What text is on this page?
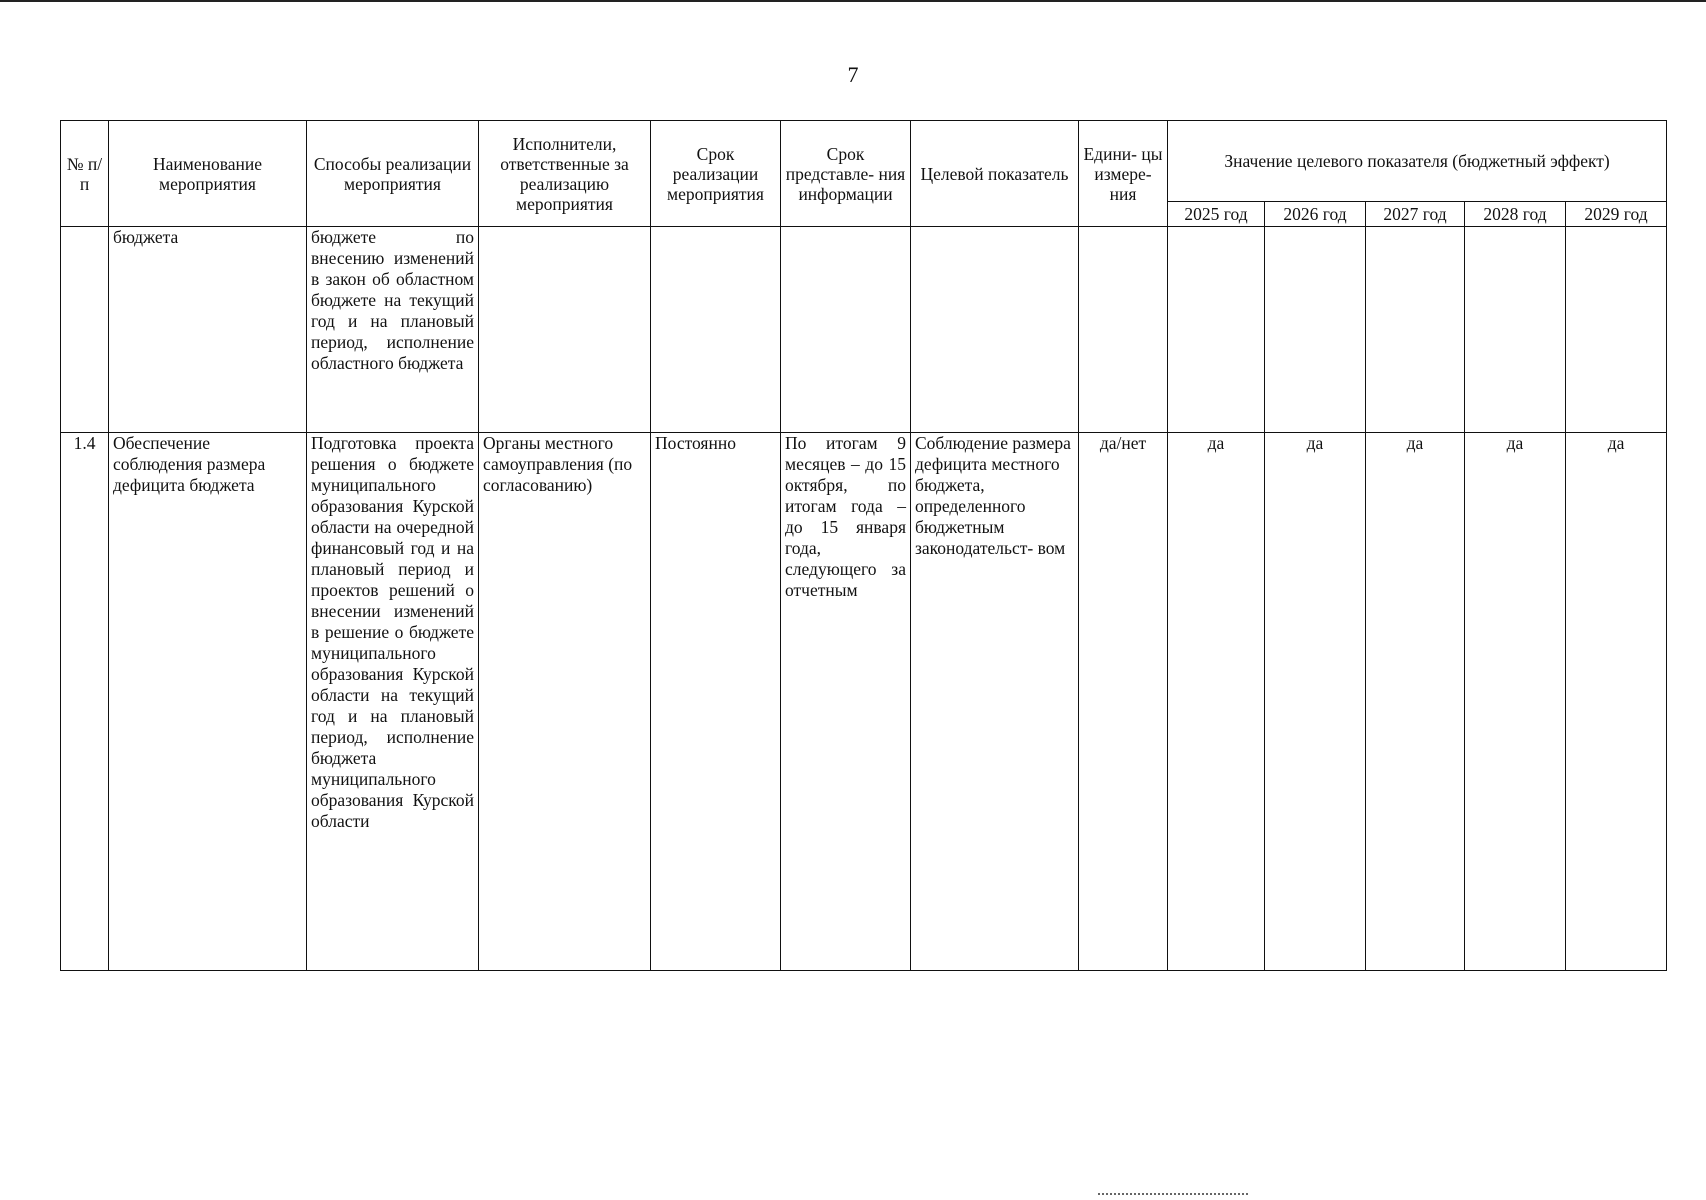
7
№ п/п	Наименование мероприятия	Способы реализации мероприятия	Исполнители, ответственные за реализацию мероприятия	Срок реализации мероприятия	Срок представле- ния информации	Целевой показатель	Едини- цы измере- ния	Значение целевого показателя (бюджетный эффект)				
								2025 год	2026 год	2027 год	2028 год	2029 год
	бюджета	бюджете по внесению изменений в закон об областном бюджете на текущий год и на плановый период, исполнение областного бюджета										
1.4	Обеспечение соблюдения размера дефицита бюджета	Подготовка проекта решения о бюджете муниципального образования Курской области на очередной финансовый год и на плановый период и проектов решений о внесении изменений в решение о бюджете муниципального образования Курской области на текущий год и на плановый период, исполнение бюджета муниципального образования Курской области	Органы местного самоуправления (по согласованию)	Постоянно	По итогам 9 месяцев – до 15 октября, по итогам года – до 15 января года, следующего за отчетным	Соблюдение размера дефицита местного бюджета, определенного бюджетным законодательст- вом	да/нет	да	да	да	да	да
